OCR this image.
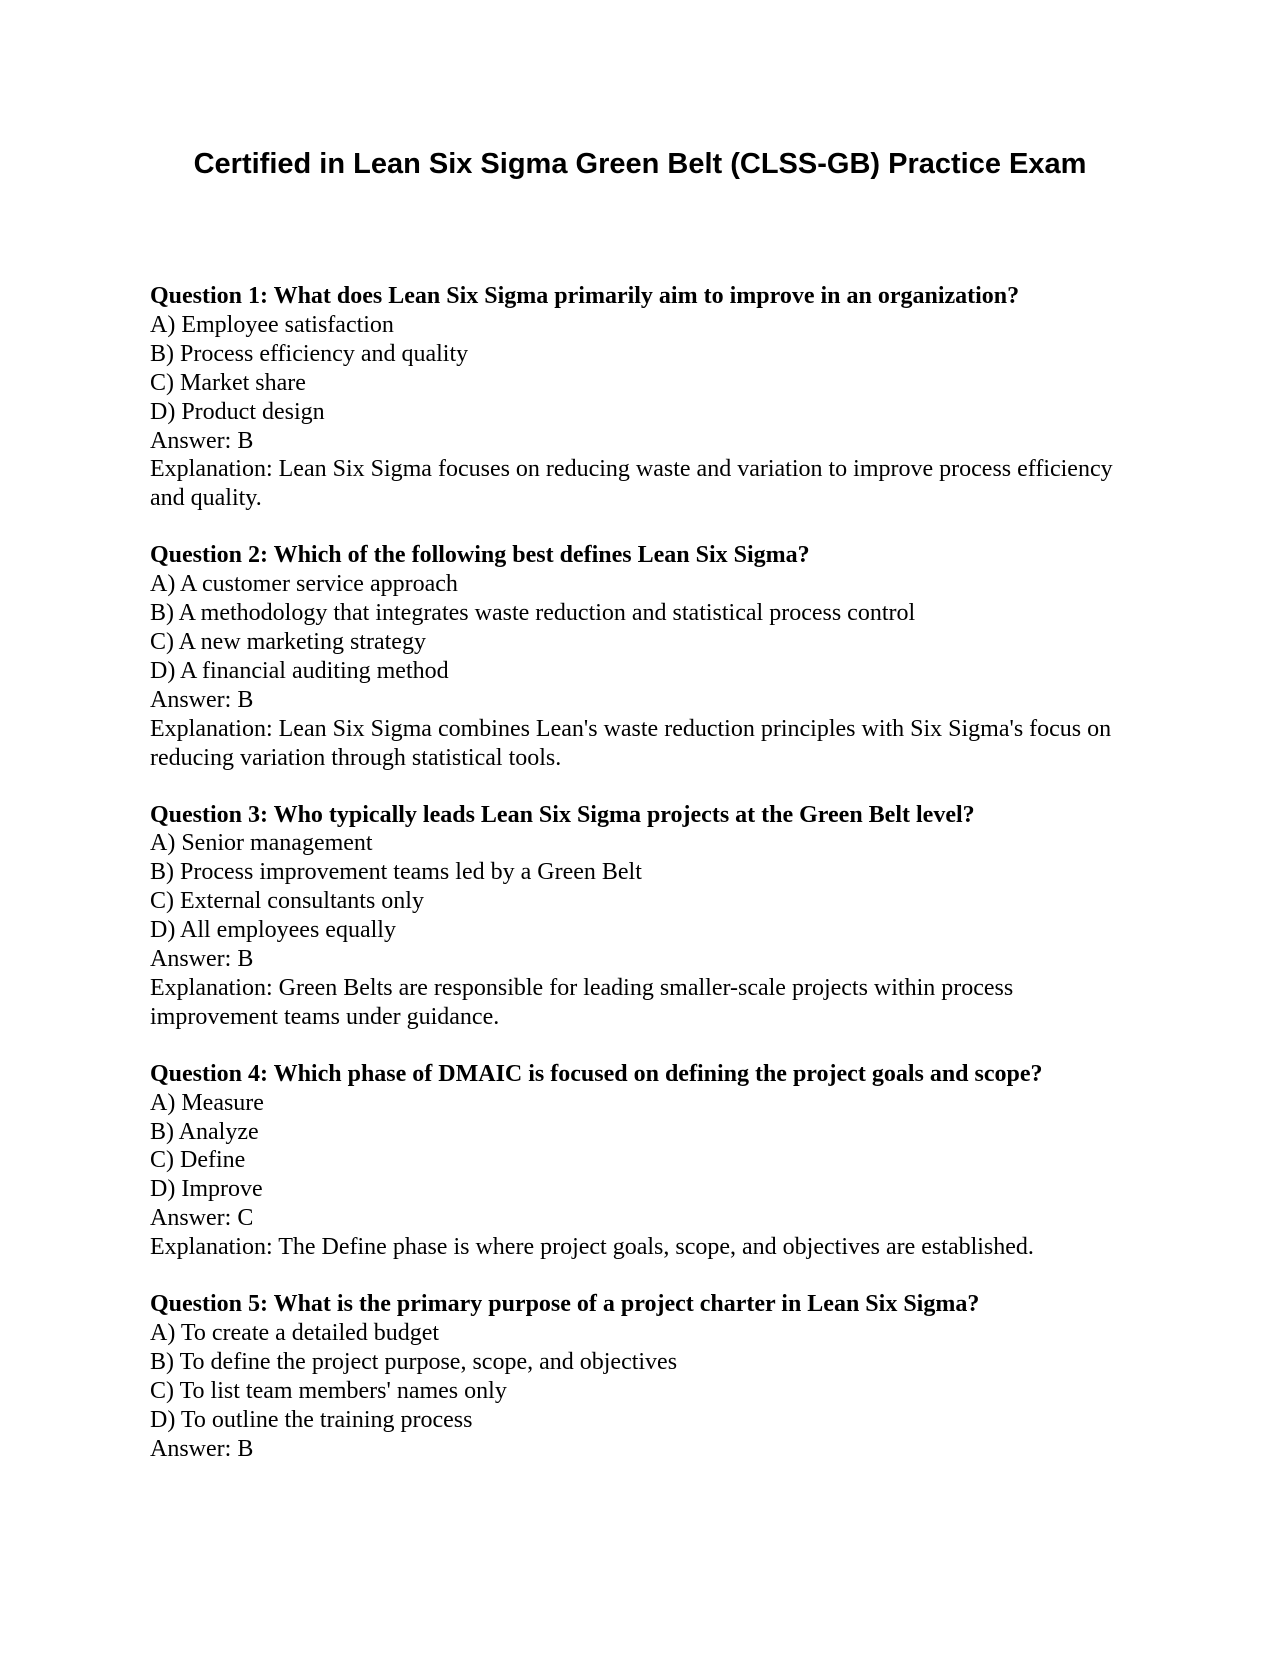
Certified in Lean Six Sigma Green Belt (CLSS-GB) Practice Exam
Question 1: What does Lean Six Sigma primarily aim to improve in an organization?
A) Employee satisfaction
B) Process efficiency and quality
C) Market share
D) Product design
Answer: B
Explanation: Lean Six Sigma focuses on reducing waste and variation to improve process efficiency and quality.
Question 2: Which of the following best defines Lean Six Sigma?
A) A customer service approach
B) A methodology that integrates waste reduction and statistical process control
C) A new marketing strategy
D) A financial auditing method
Answer: B
Explanation: Lean Six Sigma combines Lean's waste reduction principles with Six Sigma's focus on reducing variation through statistical tools.
Question 3: Who typically leads Lean Six Sigma projects at the Green Belt level?
A) Senior management
B) Process improvement teams led by a Green Belt
C) External consultants only
D) All employees equally
Answer: B
Explanation: Green Belts are responsible for leading smaller-scale projects within process improvement teams under guidance.
Question 4: Which phase of DMAIC is focused on defining the project goals and scope?
A) Measure
B) Analyze
C) Define
D) Improve
Answer: C
Explanation: The Define phase is where project goals, scope, and objectives are established.
Question 5: What is the primary purpose of a project charter in Lean Six Sigma?
A) To create a detailed budget
B) To define the project purpose, scope, and objectives
C) To list team members' names only
D) To outline the training process
Answer: B
